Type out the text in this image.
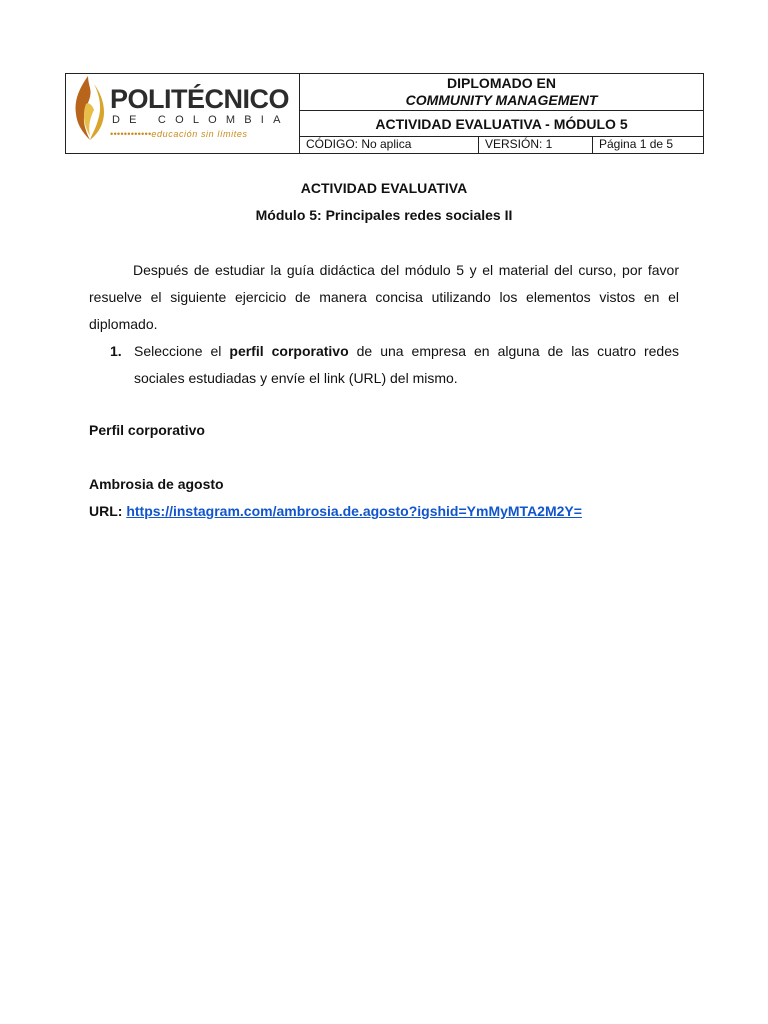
POLITÉCNICO
DE COLOMBIA
••••••••••••educación sin límites
DIPLOMADO EN
COMMUNITY MANAGEMENT
ACTIVIDAD EVALUATIVA - MÓDULO 5
CÓDIGO: No aplica	VERSIÓN: 1	Página 1 de 5
ACTIVIDAD EVALUATIVA
Módulo 5: Principales redes sociales II
Después de estudiar la guía didáctica del módulo 5 y el material del curso, por favor resuelve el siguiente ejercicio de manera concisa utilizando los elementos vistos en el diplomado.
1. Seleccione el perfil corporativo de una empresa en alguna de las cuatro redes sociales estudiadas y envíe el link (URL) del mismo.
Perfil corporativo
Ambrosia de agosto
URL: https://instagram.com/ambrosia.de.agosto?igshid=YmMyMTA2M2Y=
